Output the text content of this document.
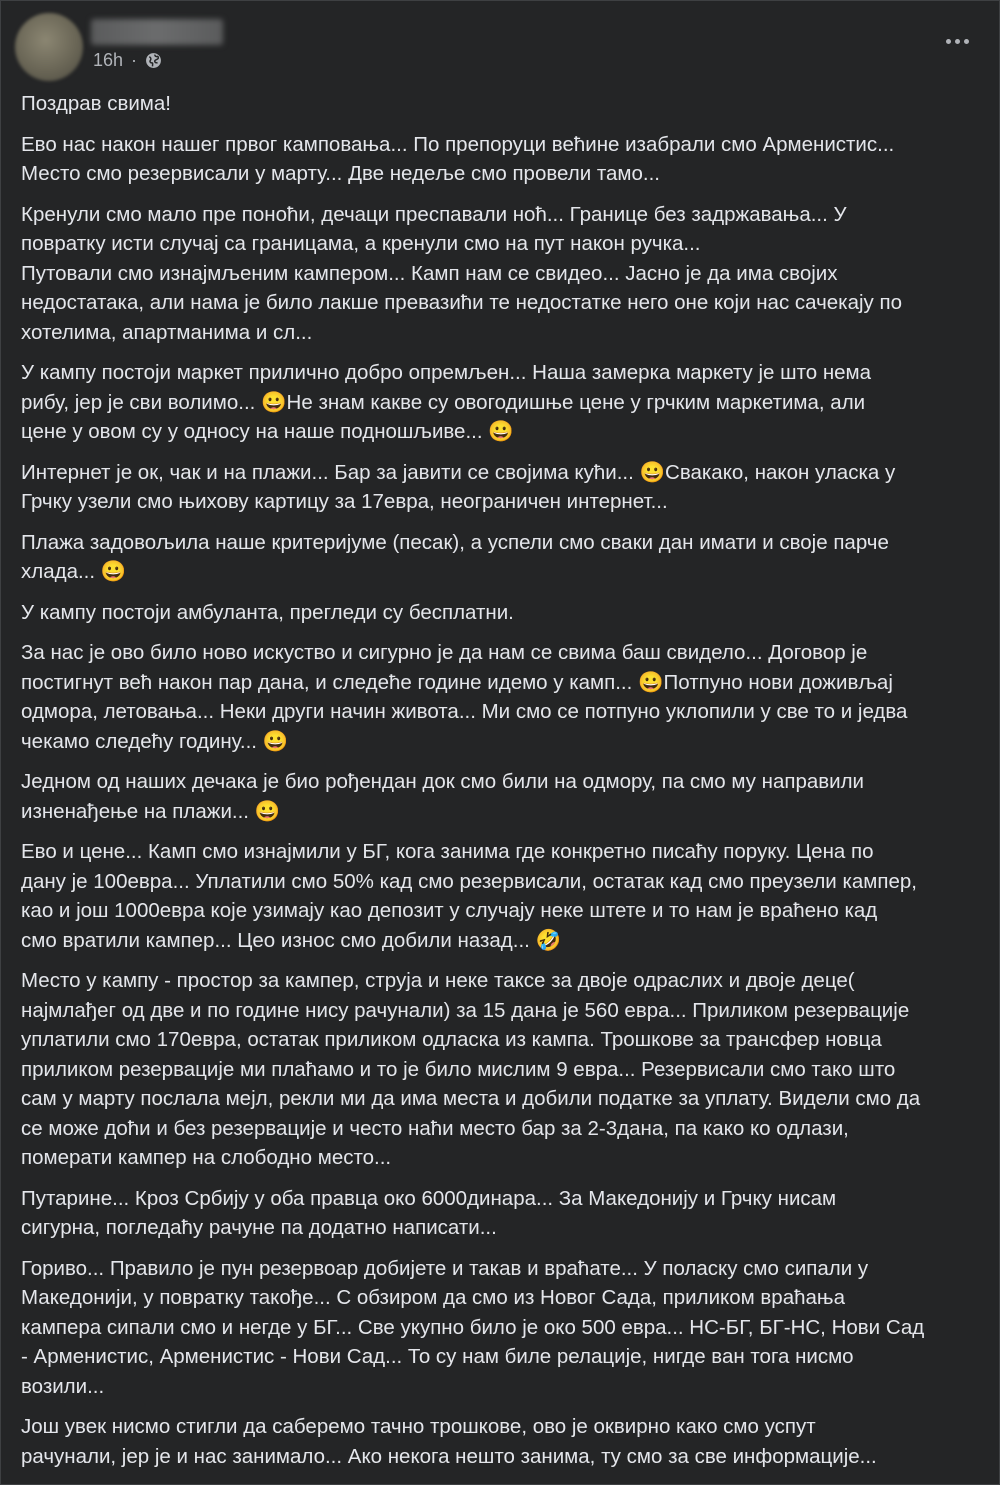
16h ·

Поздрав свима!

Ево нас након нашег првог камповања... По препоруци већине изабрали смо Арменистис...
Место смо резервисали у марту... Две недеље смо провели тамо...

Кренули смо мало пре поноћи, дечаци преспавали ноћ... Границе без задржавања... У
повратку исти случај са границама, а кренули смо на пут након ручка...
Путовали смо изнајмљеним кампером... Камп нам се свидео... Јасно је да има својих
недостатака, али нама је било лакше превазићи те недостатке него оне који нас сачекају по
хотелима, апартманима и сл...

У кампу постоји маркет прилично добро опремљен... Наша замерка маркету је што нема
рибу, јер је сви волимо... 😀Не знам какве су овогодишње цене у грчким маркетима, али
цене у овом су у односу на наше подношљиве... 😀

Интернет је ок, чак и на плажи... Бар за јавити се својима кући... 😀Свакако, након уласка у
Грчку узели смо њихову картицу за 17евра, неограничен интернет...

Плажа задовољила наше критеријуме (песак), а успели смо сваки дан имати и своје парче
хлада... 😀

У кампу постоји амбуланта, прегледи су бесплатни.

За нас је ово било ново искуство и сигурно је да нам се свима баш свидело... Договор је
постигнут већ након пар дана, и следеће године идемо у камп... 😀Потпуно нови доживљај
одмора, летовања... Неки други начин живота... Ми смо се потпуно уклопили у све то и једва
чекамо следећу годину... 😀

Једном од наших дечака је био рођендан док смо били на одмору, па смо му направили
изненађење на плажи... 😀

Ево и цене... Камп смо изнајмили у БГ, кога занима где конкретно писаћу поруку. Цена по
дану је 100евра... Уплатили смо 50% кад смо резервисали, остатак кад смо преузели кампер,
као и још 1000евра које узимају као депозит у случају неке штете и то нам је враћено кад
смо вратили кампер... Цео износ смо добили назад... 🤣

Место у кампу - простор за кампер, струја и неке таксе за двоје одраслих и двоје деце(
најмлађег од две и по године нису рачунали) за 15 дана је 560 евра... Приликом резервације
уплатили смо 170евра, остатак приликом одласка из кампа. Трошкове за трансфер новца
приликом резервације ми плаћамо и то је било мислим 9 евра... Резервисали смо тако што
сам у марту послала мејл, рекли ми да има места и добили податке за уплату. Видели смо да
се може доћи и без резервације и често наћи место бар за 2-3дана, па како ко одлази,
померати кампер на слободно место...

Путарине... Кроз Србију у оба правца око 6000динара... За Македонију и Грчку нисам
сигурна, погледаћу рачуне па додатно написати...

Гориво... Правило је пун резервоар добијете и такав и враћате... У поласку смо сипали у
Македонији, у повратку такође... С обзиром да смо из Новог Сада, приликом враћања
кампера сипали смо и негде у БГ... Све укупно било је око 500 евра... НС-БГ, БГ-НС, Нови Сад
- Арменистис, Арменистис - Нови Сад... То су нам биле релације, нигде ван тога нисмо
возили...

Још увек нисмо стигли да саберемо тачно трошкове, ово је оквирно како смо успут
рачунали, јер је и нас занимало... Ако некога нешто занима, ту смо за све информације...
